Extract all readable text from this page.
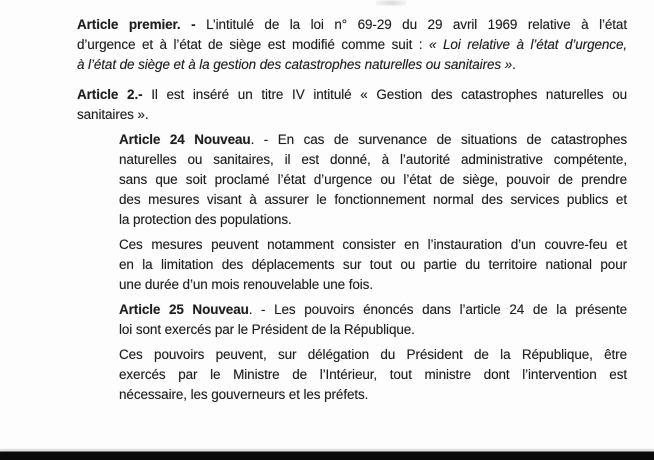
Article premier. - L’intitulé de la loi n° 69-29 du 29 avril 1969 relative à l’état
d’urgence et à l’état de siège est modifié comme suit : « Loi relative à l’état d’urgence,
à l’état de siège et à la gestion des catastrophes naturelles ou sanitaires ».
Article 2.- Il est inséré un titre IV intitulé « Gestion des catastrophes naturelles ou
sanitaires ».
Article 24 Nouveau. - En cas de survenance de situations de catastrophes
naturelles ou sanitaires, il est donné, à l’autorité administrative compétente,
sans que soit proclamé l’état d’urgence ou l’état de siège, pouvoir de prendre
des mesures visant à assurer le fonctionnement normal des services publics et
la protection des populations.
Ces mesures peuvent notamment consister en l’instauration d’un couvre-feu et
en la limitation des déplacements sur tout ou partie du territoire national pour
une durée d’un mois renouvelable une fois.
Article 25 Nouveau. - Les pouvoirs énoncés dans l’article 24 de la présente
loi sont exercés par le Président de la République.
Ces pouvoirs peuvent, sur délégation du Président de la République, être
exercés par le Ministre de l’Intérieur, tout ministre dont l’intervention est
nécessaire, les gouverneurs et les préfets.
